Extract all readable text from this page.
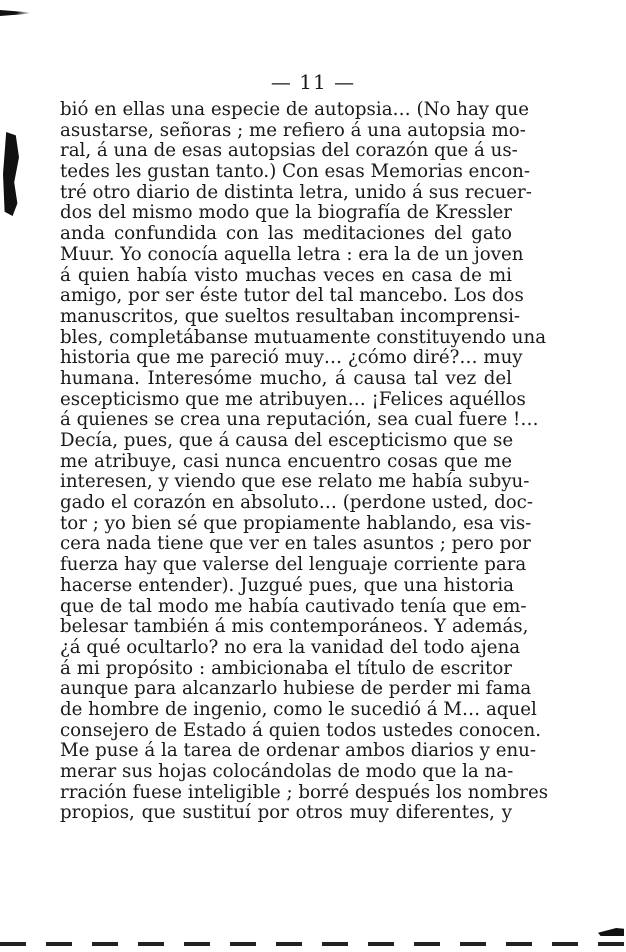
— 11 —
bió en ellas una especie de autopsia… (No hay que
asustarse, señoras ; me refiero á una autopsia mo-
ral, á una de esas autopsias del corazón que á us-
tedes les gustan tanto.) Con esas Memorias encon-
tré otro diario de distinta letra, unido á sus recuer-
dos del mismo modo que la biografía de Kressler
anda confundida con las meditaciones del gato
Muur. Yo conocía aquella letra : era la de un joven
á quien había visto muchas veces en casa de mi
amigo, por ser éste tutor del tal mancebo. Los dos
manuscritos, que sueltos resultaban incomprensi-
bles, completábanse mutuamente constituyendo una
historia que me pareció muy… ¿cómo diré?… muy
humana. Interesóme mucho, á causa tal vez del
escepticismo que me atribuyen… ¡Felices aquéllos
á quienes se crea una reputación, sea cual fuere !…
Decía, pues, que á causa del escepticismo que se
me atribuye, casi nunca encuentro cosas que me
interesen, y viendo que ese relato me había subyu-
gado el corazón en absoluto… (perdone usted, doc-
tor ; yo bien sé que propiamente hablando, esa vis-
cera nada tiene que ver en tales asuntos ; pero por
fuerza hay que valerse del lenguaje corriente para
hacerse entender). Juzgué pues, que una historia
que de tal modo me había cautivado tenía que em-
belesar también á mis contemporáneos. Y además,
¿á qué ocultarlo? no era la vanidad del todo ajena
á mi propósito : ambicionaba el título de escritor
aunque para alcanzarlo hubiese de perder mi fama
de hombre de ingenio, como le sucedió á M… aquel
consejero de Estado á quien todos ustedes conocen.
Me puse á la tarea de ordenar ambos diarios y enu-
merar sus hojas colocándolas de modo que la na-
rración fuese inteligible ; borré después los nombres
propios, que sustituí por otros muy diferentes, y
